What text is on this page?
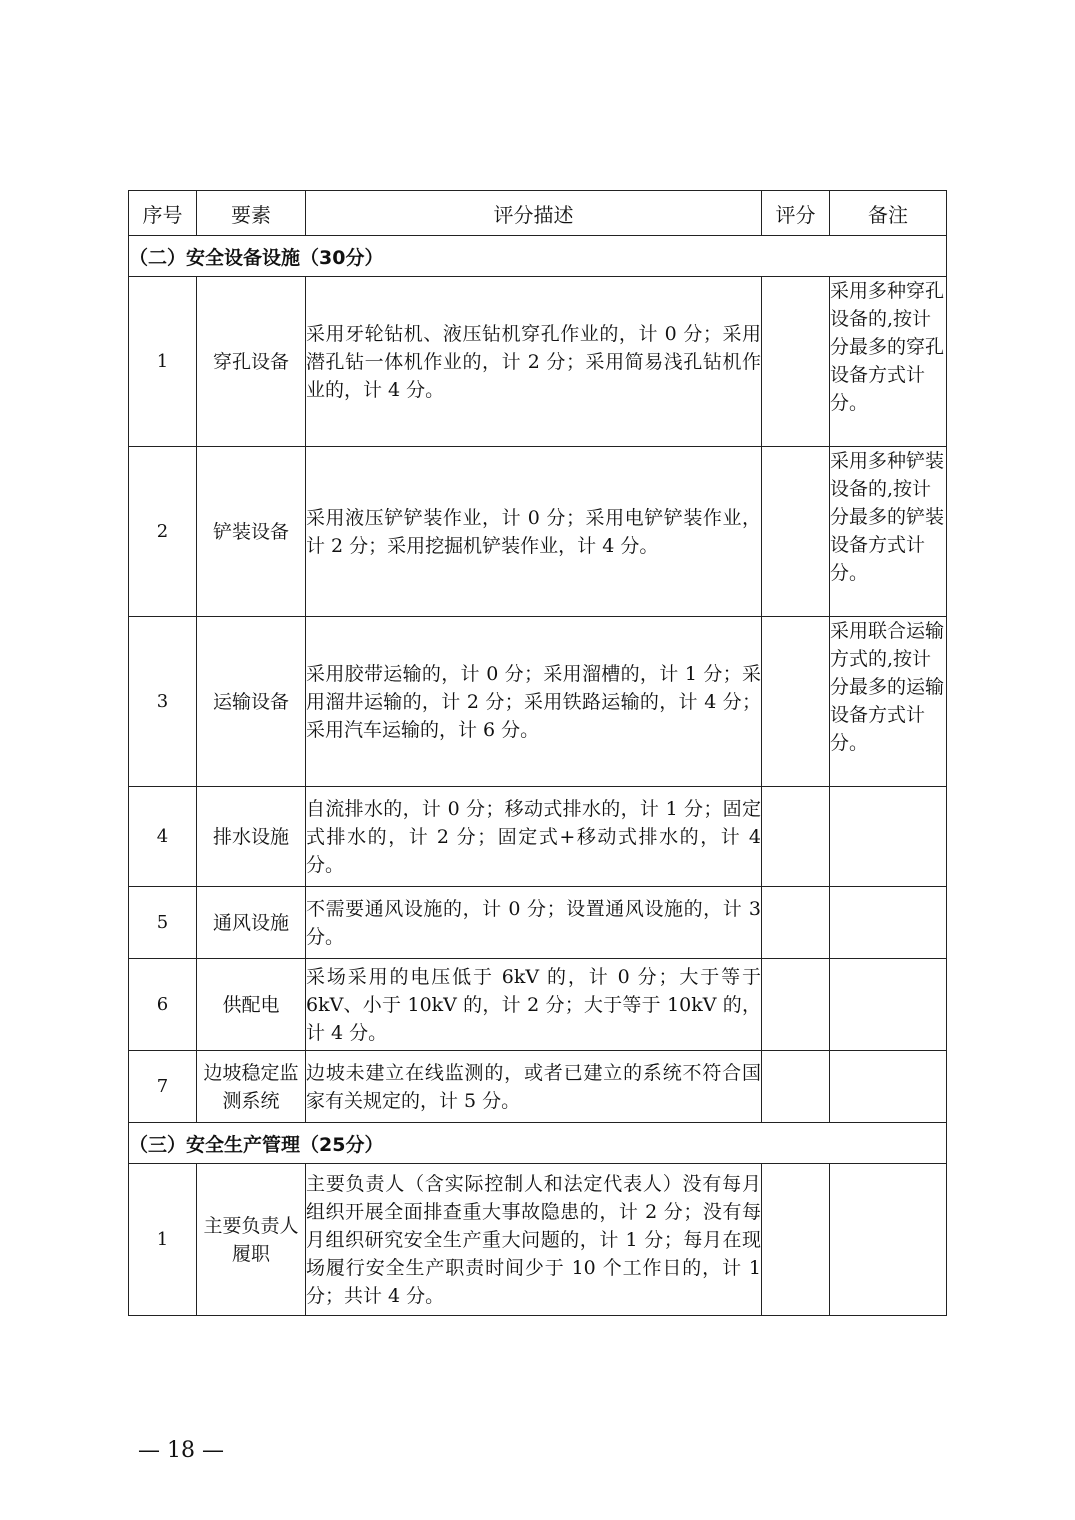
序号	要素	评分描述	评分	备注
（二）安全设备设施（30分）				
1	穿孔设备	采用牙轮钻机、液压钻机穿孔作业的，计 0 分；采用潜孔钻一体机作业的，计 2 分；采用简易浅孔钻机作业的，计 4 分。		采用多种穿孔设备的,按计分最多的穿孔设备方式计分。
2	铲装设备	采用液压铲铲装作业，计 0 分；采用电铲铲装作业，计 2 分；采用挖掘机铲装作业，计 4 分。		采用多种铲装设备的,按计分最多的铲装设备方式计分。
3	运输设备	采用胶带运输的，计 0 分；采用溜槽的，计 1 分；采用溜井运输的，计 2 分；采用铁路运输的，计 4 分；采用汽车运输的，计 6 分。		采用联合运输方式的,按计分最多的运输设备方式计分。
4	排水设施	自流排水的，计 0 分；移动式排水的，计 1 分；固定式排水的，计 2 分；固定式+移动式排水的，计 4 分。		
5	通风设施	不需要通风设施的，计 0 分；设置通风设施的，计 3 分。		
6	供配电	采场采用的电压低于 6kV 的，计 0 分；大于等于 6kV、小于 10kV 的，计 2 分；大于等于 10kV 的，计 4 分。		
7	边坡稳定监测系统	边坡未建立在线监测的，或者已建立的系统不符合国家有关规定的，计 5 分。		
（三）安全生产管理（25分）				
1	主要负责人履职	主要负责人（含实际控制人和法定代表人）没有每月组织开展全面排查重大事故隐患的，计 2 分；没有每月组织研究安全生产重大问题的，计 1 分；每月在现场履行安全生产职责时间少于 10 个工作日的，计 1 分；共计 4 分。		
— 18 —
